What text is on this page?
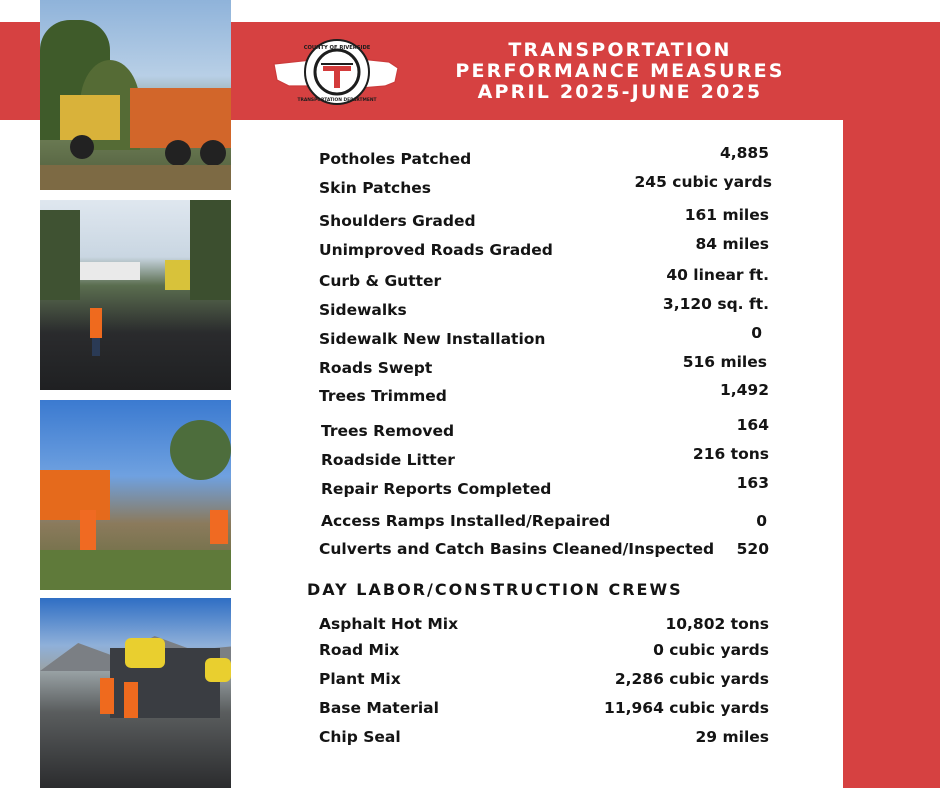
COUNTY OF RIVERSIDE
TRANSPORTATION DEPARTMENT
TRANSPORTATION
PERFORMANCE MEASURES
APRIL 2025-JUNE 2025
Potholes Patched	4,885
Skin Patches	245 cubic yards
Shoulders Graded	161 miles
Unimproved Roads Graded	84 miles
Curb & Gutter	40 linear ft.
Sidewalks	3,120 sq. ft.
Sidewalk New Installation	0
Roads Swept	516 miles
Trees Trimmed	1,492
Trees Removed	164
Roadside Litter	216 tons
Repair Reports Completed	163
Access Ramps Installed/Repaired	0
Culverts and Catch Basins Cleaned/Inspected 520
DAY LABOR/CONSTRUCTION CREWS
Asphalt Hot Mix	10,802 tons
Road Mix	0 cubic yards
Plant Mix	2,286 cubic yards
Base Material	11,964 cubic yards
Chip Seal	29 miles
